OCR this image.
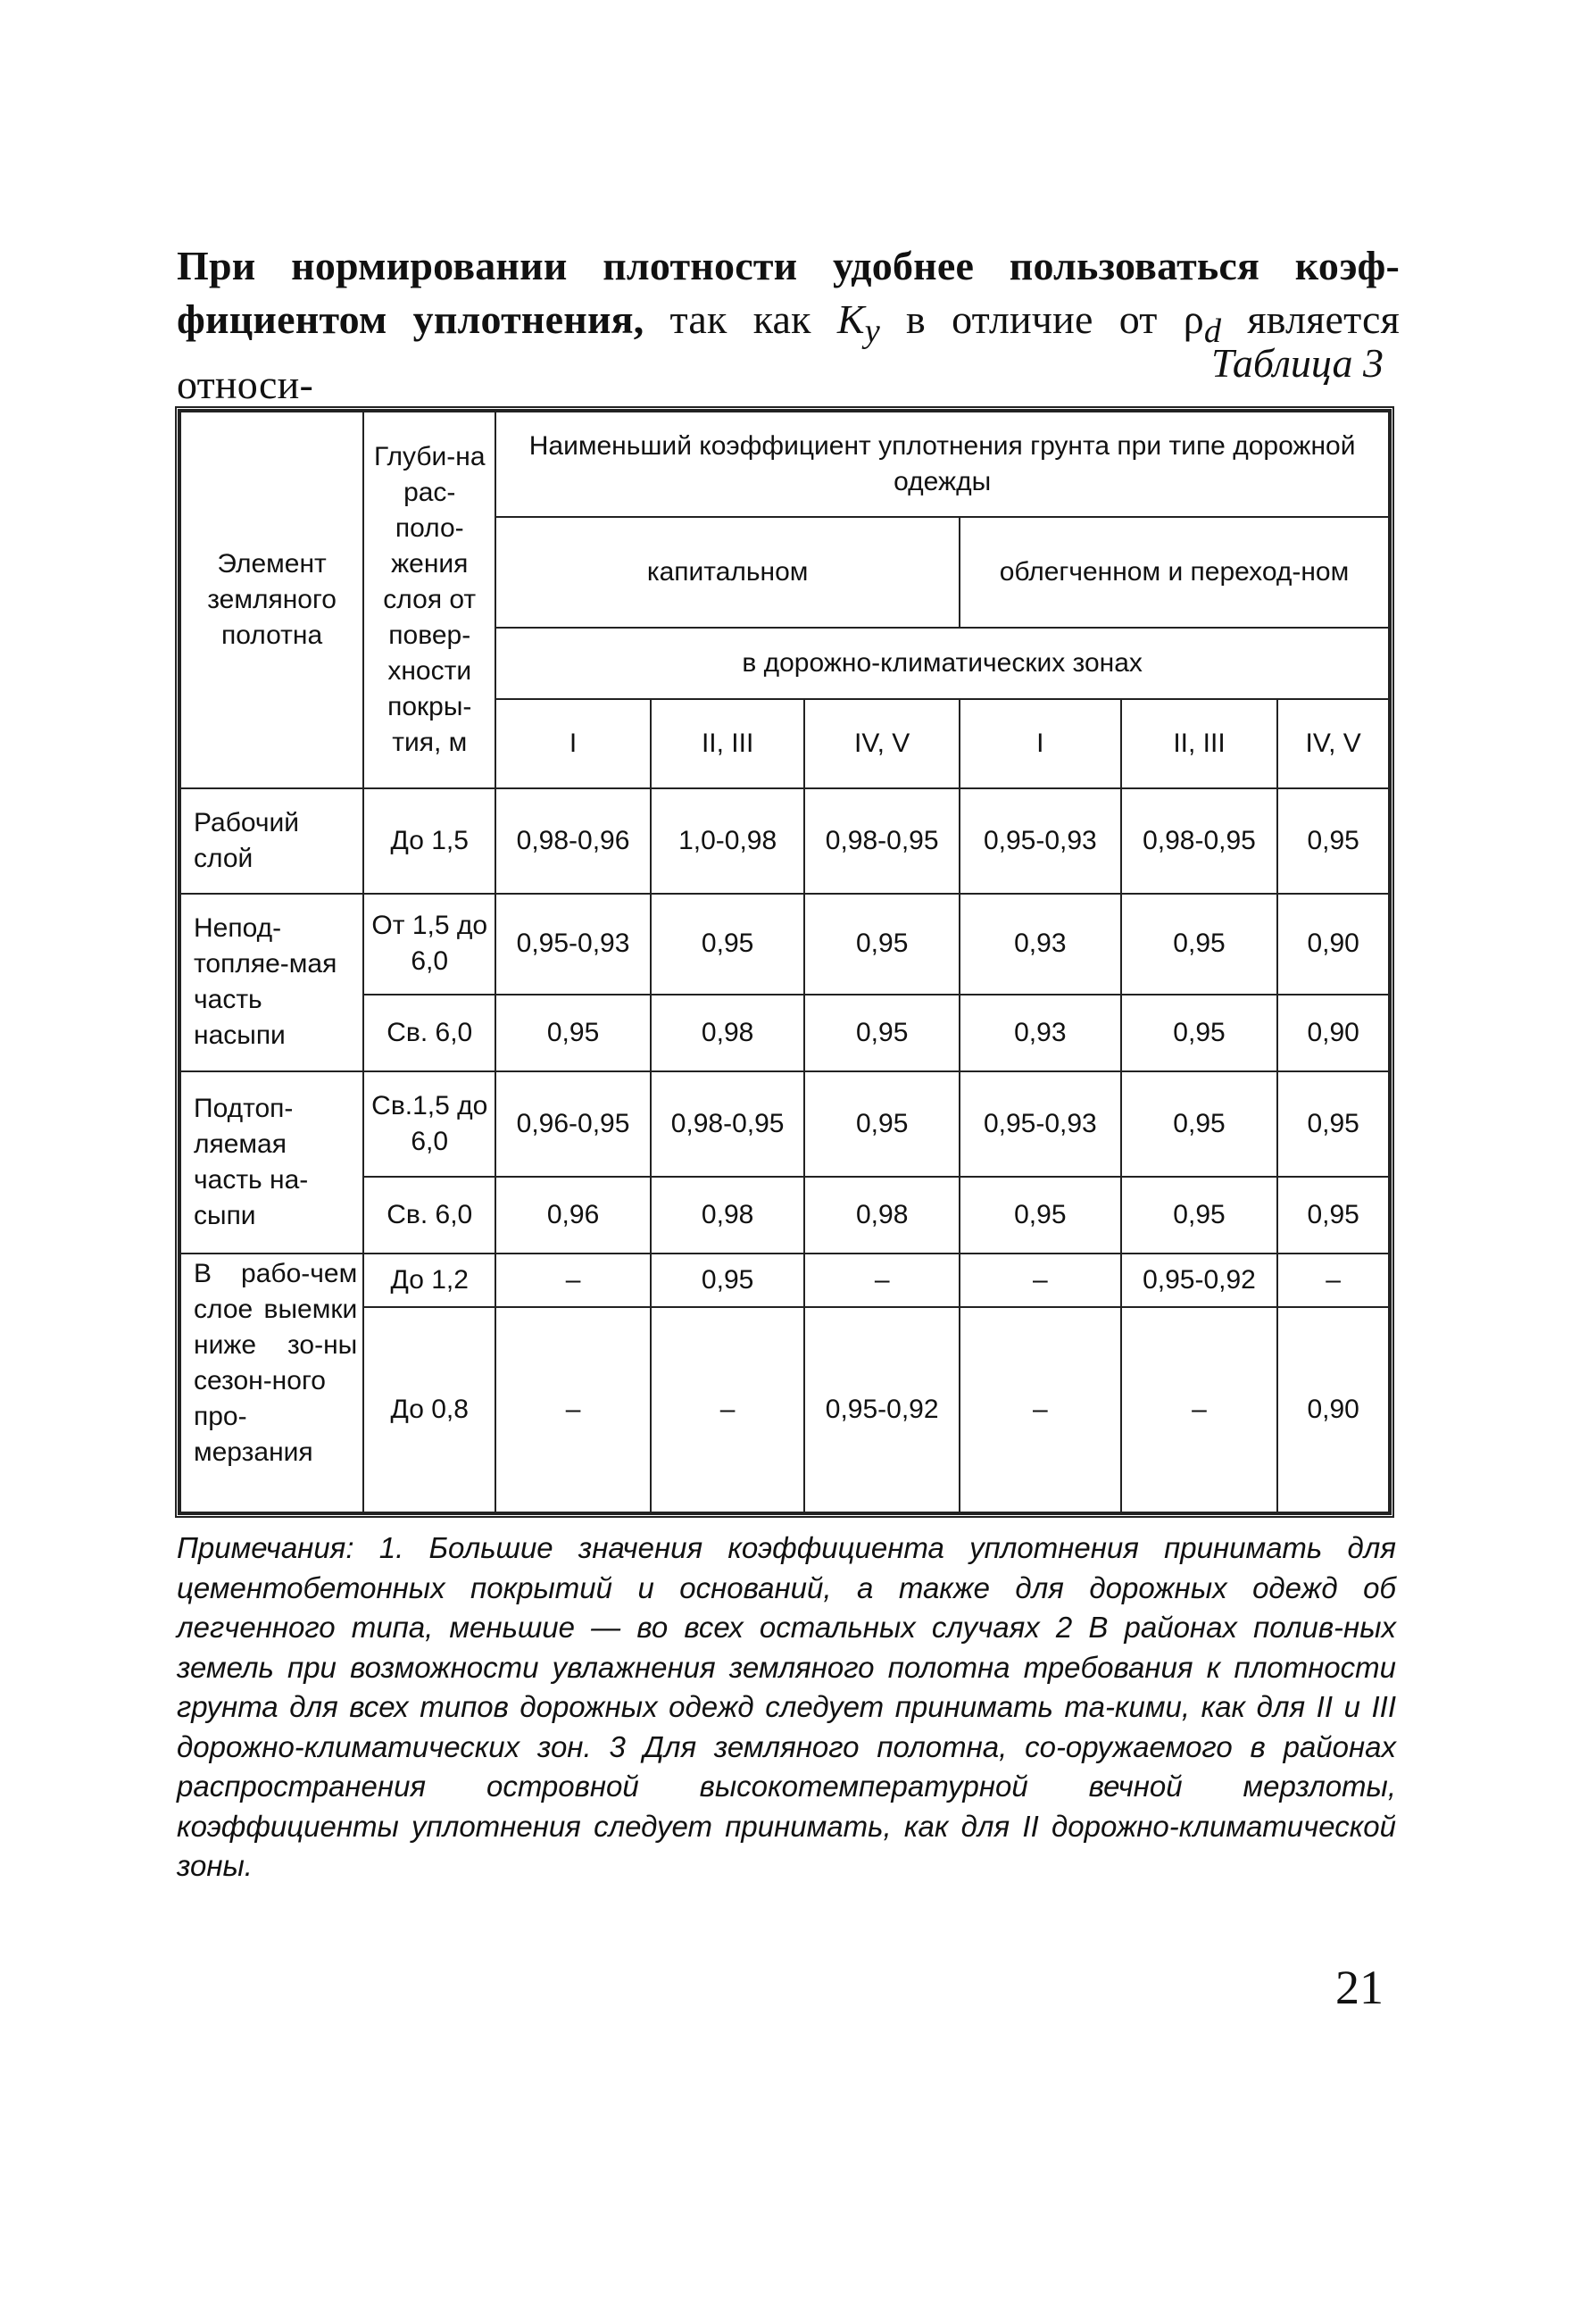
При нормировании плотности удобнее пользоваться коэф-фициентом уплотнения, так как $K_y$ в отличие от $\rho_d$ является относи-	Таблица 3
Элемент земляного полотна	Глуби-на рас-поло-жения слоя от повер-хности покры-тия, м	Наименьший коэффициент уплотнения грунта при типе дорожной одежды					
		капитальном			облегченном и переход-ном		
		в дорожно-климатических зонах					
		I	II, III	IV, V	I	II, III	IV, V
Рабочий слой	До 1,5	0,98-0,96	1,0-0,98	0,98-0,95	0,95-0,93	0,98-0,95	0,95
Непод-топляе-мая часть насыпи	От 1,5 до 6,0	0,95-0,93	0,95	0,95	0,93	0,95	0,90
	Св. 6,0	0,95	0,98	0,95	0,93	0,95	0,90
Подтоп-ляемая часть на-сыпи	Св.1,5 до 6,0	0,96-0,95	0,98-0,95	0,95	0,95-0,93	0,95	0,95
	Св. 6,0	0,96	0,98	0,98	0,95	0,95	0,95
В рабо-чем слое выемки ниже зо-ны сезон-ного про-мерзания	До 1,2	–	0,95	–	–	0,95-0,92	–
	До 0,8	–	–	0,95-0,92	–	–	0,90
Примечания: 1. Большие значения коэффициента уплотнения принимать для цементобетонных покрытий и оснований, а также для дорожных одежд об легченного типа, меньшие — во всех остальных случаях 2 В районах полив-ных земель при возможности увлажнения земляного полотна требования к плотности грунта для всех типов дорожных одежд следует принимать та-кими, как для II и III дорожно-климатических зон. 3 Для земляного полотна, со-оружаемого в районах распространения островной высокотемпературной вечной мерзлоты, коэффициенты уплотнения следует принимать, как для II дорожно-климатической зоны.
21
